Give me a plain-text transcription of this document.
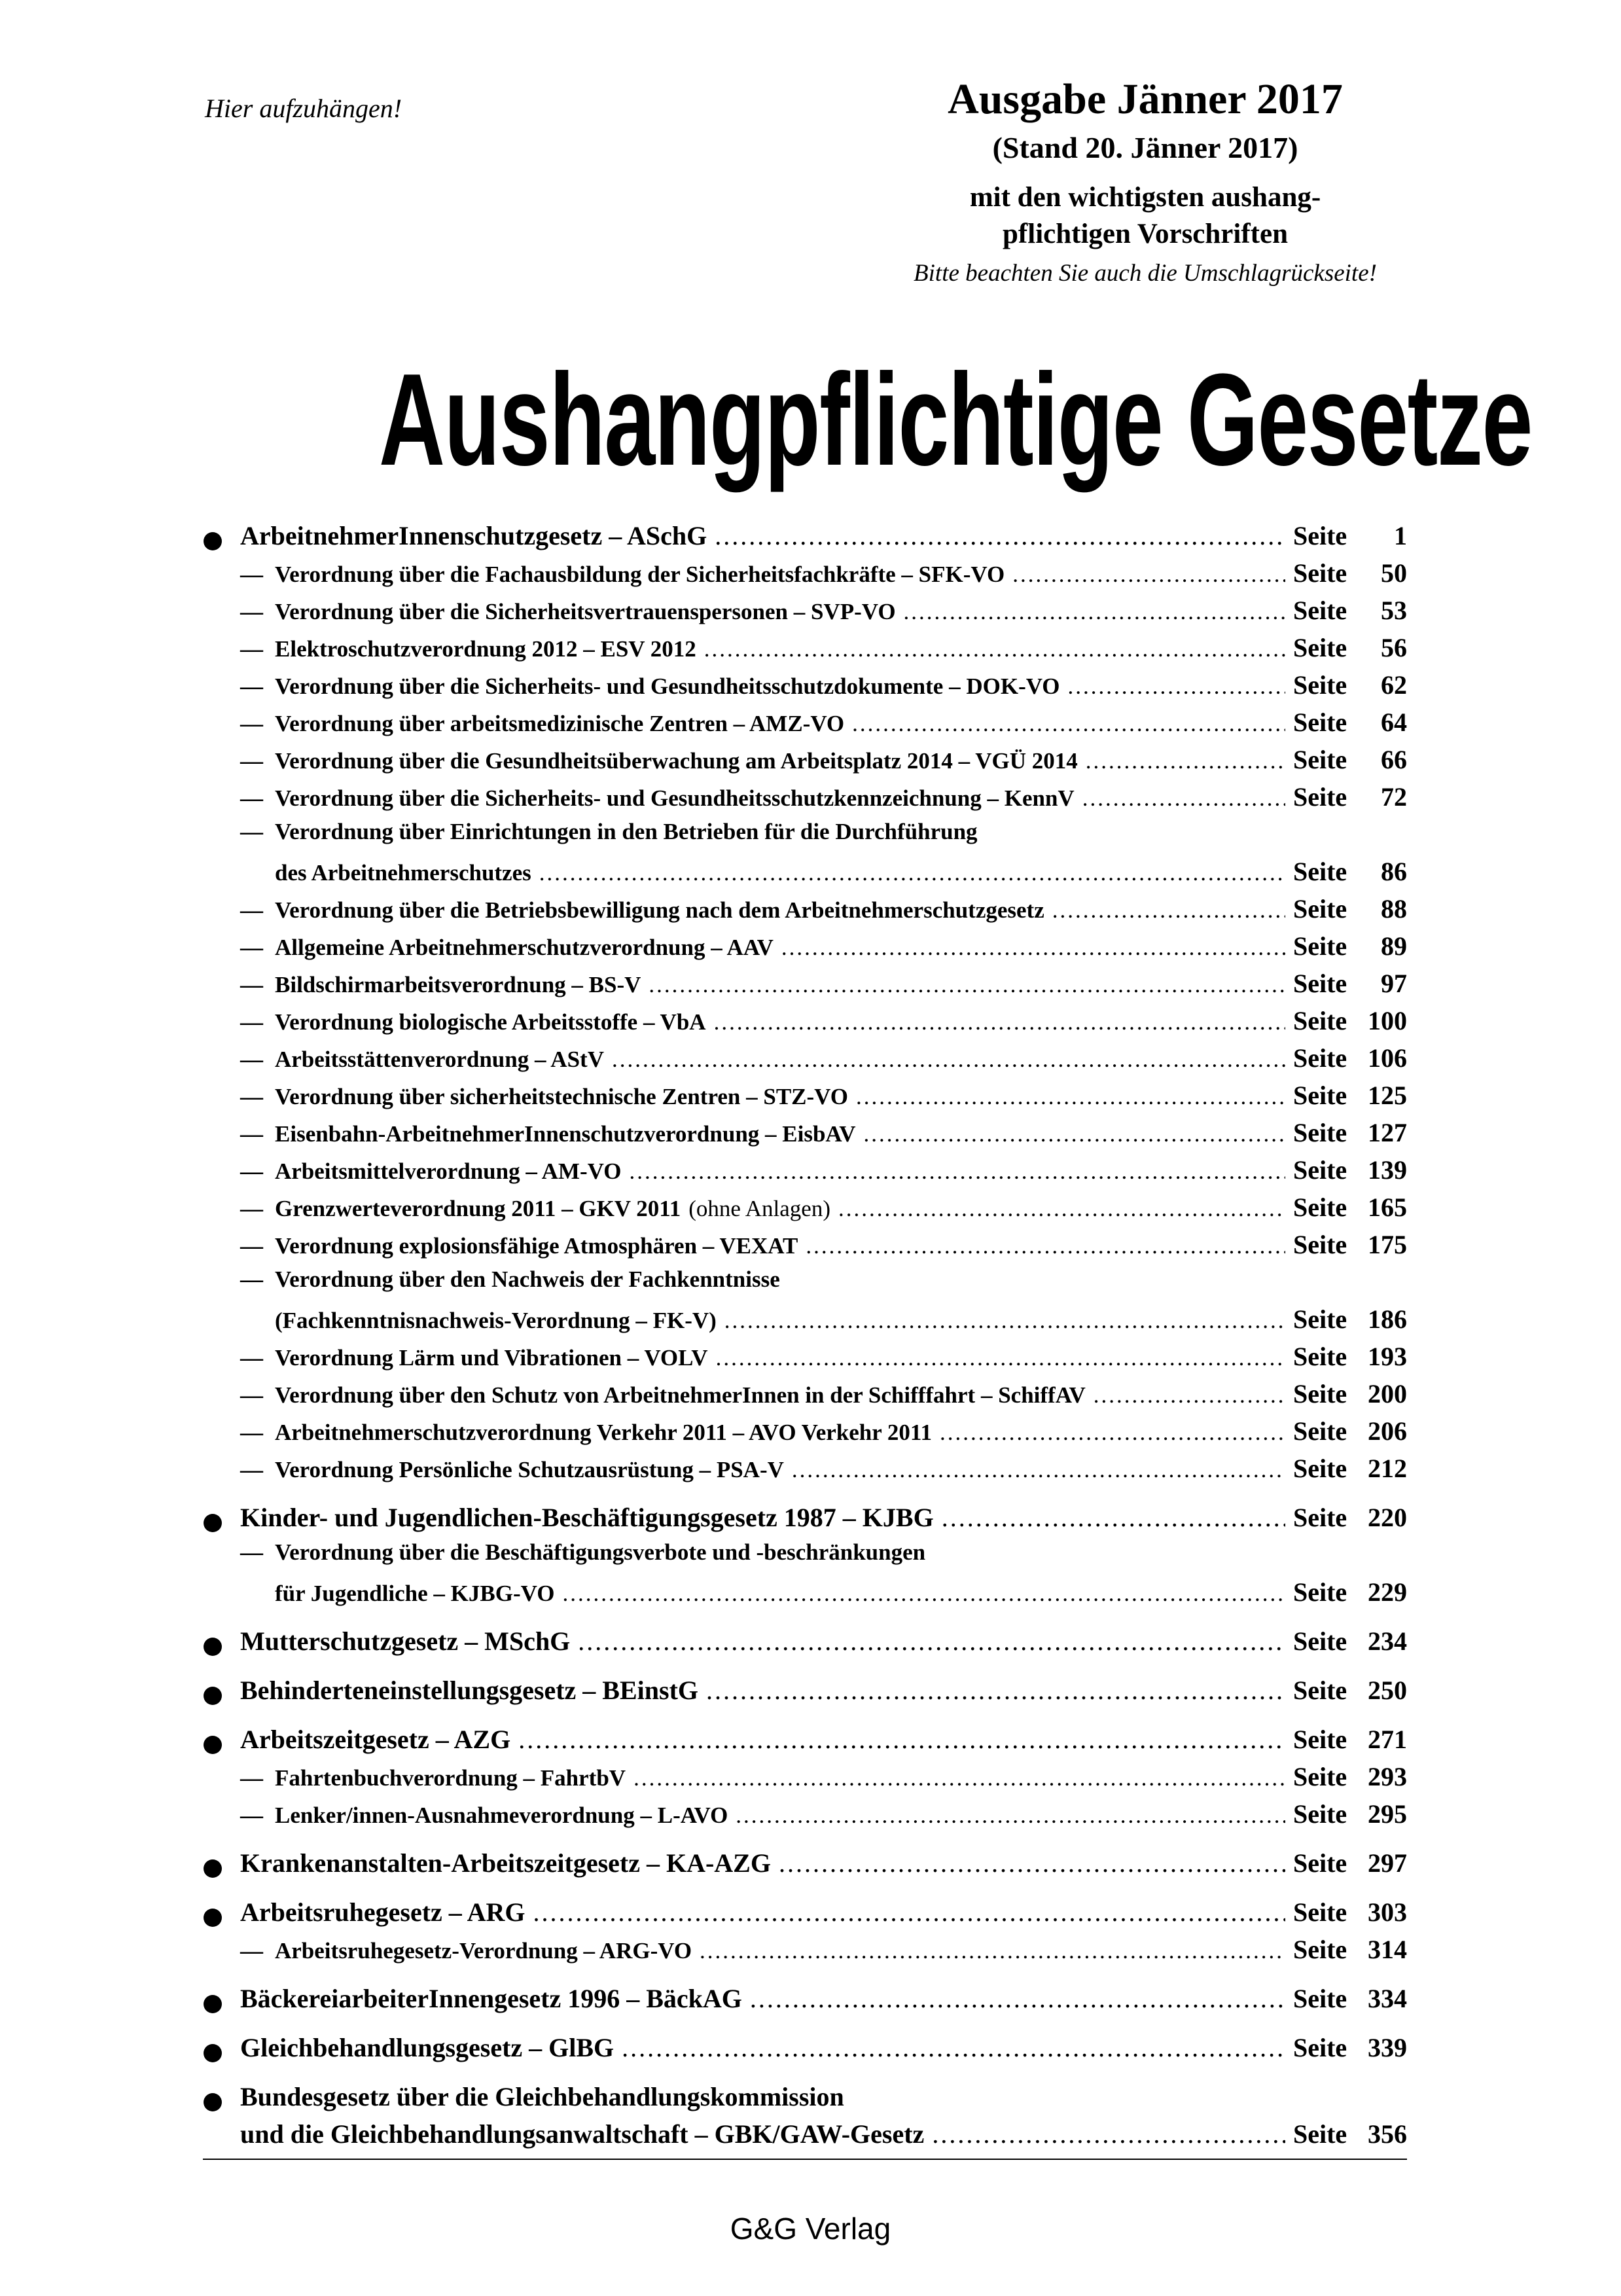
Hier aufzuhängen!	Ausgabe Jänner 2017
(Stand 20. Jänner 2017)
mit den wichtigsten aushang-
pflichtigen Vorschriften
Bitte beachten Sie auch die Umschlagrückseite!
Aushangpflichtige Gesetze
ArbeitnehmerInnenschutzgesetz – ASchG .....	Seite	1
— Verordnung über die Fachausbildung der Sicherheitsfachkräfte – SFK-VO .....	Seite	50
— Verordnung über die Sicherheitsvertrauenspersonen – SVP-VO .....	Seite	53
— Elektroschutzverordnung 2012 – ESV 2012 .....	Seite	56
— Verordnung über die Sicherheits- und Gesundheitsschutzdokumente – DOK-VO .....	Seite	62
— Verordnung über arbeitsmedizinische Zentren – AMZ-VO .....	Seite	64
— Verordnung über die Gesundheitsüberwachung am Arbeitsplatz 2014 – VGÜ 2014 .....	Seite	66
— Verordnung über die Sicherheits- und Gesundheitsschutzkennzeichnung – KennV .....	Seite	72
— Verordnung über Einrichtungen in den Betrieben für die Durchführung
des Arbeitnehmerschutzes .....	Seite	86
— Verordnung über die Betriebsbewilligung nach dem Arbeitnehmerschutzgesetz .....	Seite	88
— Allgemeine Arbeitnehmerschutzverordnung – AAV .....	Seite	89
— Bildschirmarbeitsverordnung – BS-V .....	Seite	97
— Verordnung biologische Arbeitsstoffe – VbA .....	Seite 100
— Arbeitsstättenverordnung – AStV .....	Seite 106
— Verordnung über sicherheitstechnische Zentren – STZ-VO .....	Seite 125
— Eisenbahn-ArbeitnehmerInnenschutzverordnung – EisbAV .....	Seite 127
— Arbeitsmittelverordnung – AM-VO .....	Seite 139
— Grenzwerteverordnung 2011 – GKV 2011 (ohne Anlagen) .....	Seite 165
— Verordnung explosionsfähige Atmosphären – VEXAT .....	Seite 175
— Verordnung über den Nachweis der Fachkenntnisse
(Fachkenntnisnachweis-Verordnung – FK-V) .....	Seite 186
— Verordnung Lärm und Vibrationen – VOLV .....	Seite 193
— Verordnung über den Schutz von ArbeitnehmerInnen in der Schifffahrt – SchiffAV .....	Seite 200
— Arbeitnehmerschutzverordnung Verkehr 2011 – AVO Verkehr 2011 .....	Seite 206
— Verordnung Persönliche Schutzausrüstung – PSA-V .....	Seite 212
Kinder- und Jugendlichen-Beschäftigungsgesetz 1987 – KJBG .....	Seite 220
— Verordnung über die Beschäftigungsverbote und -beschränkungen
für Jugendliche – KJBG-VO .....	Seite 229
Mutterschutzgesetz – MSchG .....	Seite 234
Behinderteneinstellungsgesetz – BEinstG .....	Seite 250
Arbeitszeitgesetz – AZG .....	Seite 271
— Fahrtenbuchverordnung – FahrtbV .....	Seite 293
— Lenker/innen-Ausnahmeverordnung – L-AVO .....	Seite 295
Krankenanstalten-Arbeitszeitgesetz – KA-AZG .....	Seite 297
Arbeitsruhegesetz – ARG .....	Seite 303
— Arbeitsruhegesetz-Verordnung – ARG-VO .....	Seite 314
BäckereiarbeiterInnengesetz 1996 – BäckAG .....	Seite 334
Gleichbehandlungsgesetz – GlBG .....	Seite 339
Bundesgesetz über die Gleichbehandlungskommission
und die Gleichbehandlungsanwaltschaft – GBK/GAW-Gesetz .....	Seite 356
G&G Verlag
